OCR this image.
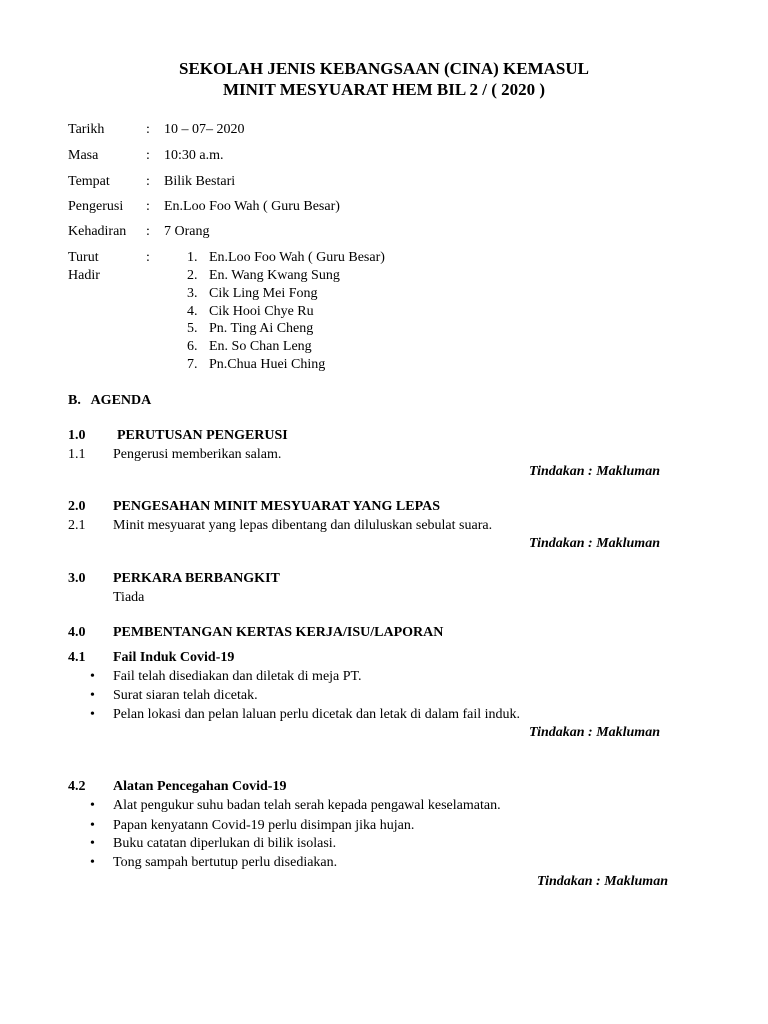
SEKOLAH JENIS KEBANGSAAN (CINA) KEMASUL
MINIT MESYUARAT HEM BIL 2 / ( 2020 )
Tarikh	: 10 – 07– 2020
Masa	: 10:30 a.m.
Tempat	: Bilik Bestari
Pengerusi : En.Loo Foo Wah ( Guru Besar)
Kehadiran : 7 Orang
Turut
Hadir
:	1. En.Loo Foo Wah ( Guru Besar)
2. En. Wang Kwang Sung
3. Cik Ling Mei Fong
4. Cik Hooi Chye Ru
5. Pn. Ting Ai Cheng
6. En. So Chan Leng
7. Pn.Chua Huei Ching
B.   AGENDA
1.0 PERUTUSAN PENGERUSI
1.1 Pengerusi memberikan salam.
Tindakan : Makluman
2.0 PENGESAHAN MINIT MESYUARAT YANG LEPAS
2.1 Minit mesyuarat yang lepas dibentang dan diluluskan sebulat suara.
Tindakan : Makluman
3.0 PERKARA BERBANGKIT
Tiada
4.0 PEMBENTANGAN KERTAS KERJA/ISU/LAPORAN
4.1 Fail Induk Covid-19
• Fail telah disediakan dan diletak di meja PT.
• Surat siaran telah dicetak.
• Pelan lokasi dan pelan laluan perlu dicetak dan letak di dalam fail induk.
Tindakan : Makluman
4.2 Alatan Pencegahan Covid-19
• Alat pengukur suhu badan telah serah kepada pengawal keselamatan.
• Papan kenyatann Covid-19 perlu disimpan jika hujan.
• Buku catatan diperlukan di bilik isolasi.
• Tong sampah bertutup perlu disediakan.
Tindakan : Makluman
